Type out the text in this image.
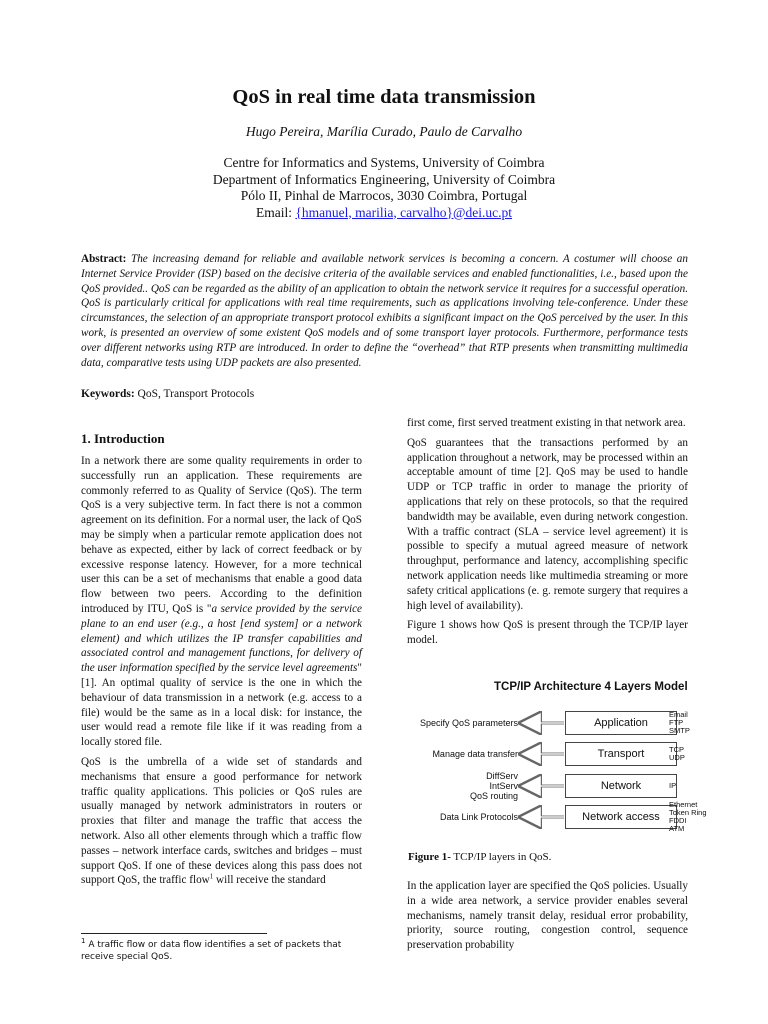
QoS in real time data transmission
Hugo Pereira, Marília Curado, Paulo de Carvalho
Centre for Informatics and Systems, University of Coimbra
Department of Informatics Engineering, University of Coimbra
Pólo II, Pinhal de Marrocos, 3030 Coimbra, Portugal
Email: {hmanuel, marilia, carvalho}@dei.uc.pt

Abstract: The increasing demand for reliable and available network services is becoming a concern. A costumer will choose an Internet Service Provider (ISP) based on the decisive criteria of the available services and enabled functionalities, i.e., based upon the QoS provided.. QoS can be regarded as the ability of an application to obtain the network service it requires for a successful operation. QoS is particularly critical for applications with real time requirements, such as applications involving tele-conference. Under these circumstances, the selection of an appropriate transport protocol exhibits a significant impact on the QoS perceived by the user. In this work, is presented an overview of some existent QoS models and of some transport layer protocols. Furthermore, performance tests over different networks using RTP are introduced. In order to define the “overhead” that RTP presents when transmitting multimedia data, comparative tests using UDP packets are also presented.

Keywords: QoS, Transport Protocols

1. Introduction

In a network there are some quality requirements in order to successfully run an application. These requirements are commonly referred to as Quality of Service (QoS). The term QoS is a very subjective term. In fact there is not a common agreement on its definition. For a normal user, the lack of QoS may be simply when a particular remote application does not behave as expected, either by lack of correct feedback or by excessive response latency. However, for a more technical user this can be a set of mechanisms that enable a good data flow between two peers. According to the definition introduced by ITU, QoS is "a service provided by the service plane to an end user (e.g., a host [end system] or a network element) and which utilizes the IP transfer capabilities and associated control and management functions, for delivery of the user information specified by the service level agreements" [1]. An optimal quality of service is the one in which the behaviour of data transmission in a network (e.g. access to a file) would be the same as in a local disk: for instance, the user would read a remote file like if it was reading from a locally stored file.

QoS is the umbrella of a wide set of standards and mechanisms that ensure a good performance for network traffic quality applications. This policies or QoS rules are usually managed by network administrators in routers or proxies that filter and manage the traffic that access the network. Also all other elements through which a traffic flow passes – network interface cards, switches and bridges – must support QoS. If one of these devices along this pass does not support QoS, the traffic flow$^1$ will receive the standard

$^1$ A traffic flow or data flow identifies a set of packets that receive special QoS.

first come, first served treatment existing in that network area.

QoS guarantees that the transactions performed by an application throughout a network, may be processed within an acceptable amount of time [2]. QoS may be used to handle UDP or TCP traffic in order to manage the priority of applications that rely on these protocols, so that the required bandwidth may be available, even during network congestion. With a traffic contract (SLA – service level agreement) it is possible to specify a mutual agreed measure of network throughput, performance and latency, accomplishing specific network application needs like multimedia streaming or more safety critical applications (e. g. remote surgery that requires a high level of availability).

Figure 1 shows how QoS is present through the TCP/IP layer model.

TCP/IP Architecture 4 Layers Model
Application
Specify QoS parameters
Email
FTP
SMTP
Transport
Manage data transfer	TCP
UDP
Network
DiffServ
IntServ
QoS routing
IP
Network access
Data Link Protocols
Ethernet
Token Ring
FDDI
ATM
Figure 1- TCP/IP layers in QoS.

In the application layer are specified the QoS policies. Usually in a wide area network, a service provider enables several mechanisms, namely transit delay, residual error probability, priority, source routing, congestion control, sequence preservation probability
